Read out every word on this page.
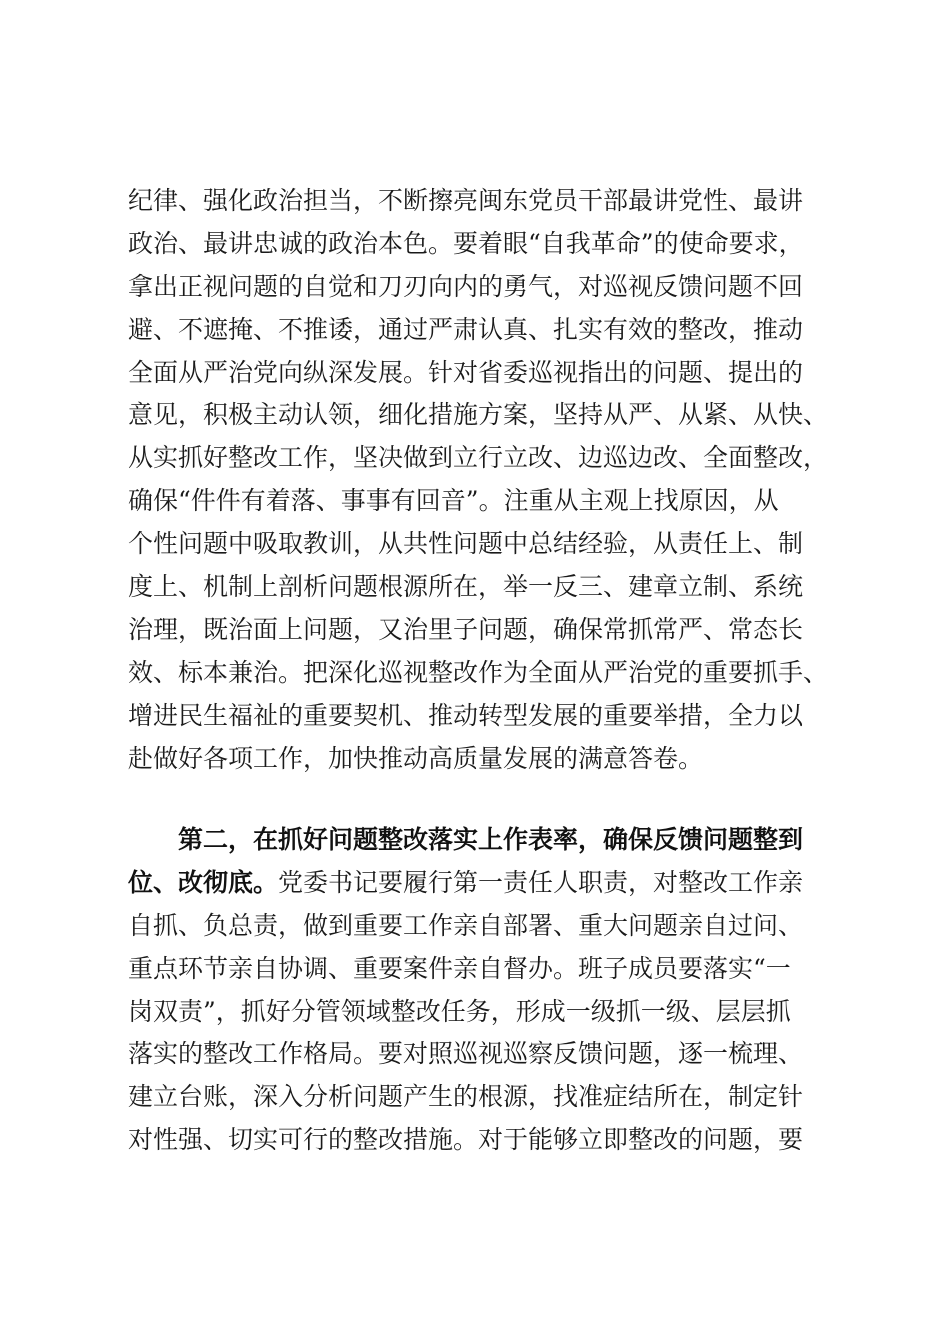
纪律、强化政治担当，不断擦亮闽东党员干部最讲党性、最讲
政治、最讲忠诚的政治本色。要着眼“自我革命”的使命要求，
拿出正视问题的自觉和刀刃向内的勇气，对巡视反馈问题不回
避、不遮掩、不推诿，通过严肃认真、扎实有效的整改，推动
全面从严治党向纵深发展。针对省委巡视指出的问题、提出的
意见，积极主动认领，细化措施方案，坚持从严、从紧、从快、
从实抓好整改工作，坚决做到立行立改、边巡边改、全面整改，
确保“件件有着落、事事有回音”。注重从主观上找原因，从
个性问题中吸取教训，从共性问题中总结经验，从责任上、制
度上、机制上剖析问题根源所在，举一反三、建章立制、系统
治理，既治面上问题，又治里子问题，确保常抓常严、常态长
效、标本兼治。把深化巡视整改作为全面从严治党的重要抓手、
增进民生福祉的重要契机、推动转型发展的重要举措，全力以
赴做好各项工作，加快推动高质量发展的满意答卷。
第二，在抓好问题整改落实上作表率，确保反馈问题整到
位、改彻底。党委书记要履行第一责任人职责，对整改工作亲
自抓、负总责，做到重要工作亲自部署、重大问题亲自过问、
重点环节亲自协调、重要案件亲自督办。班子成员要落实“一
岗双责”，抓好分管领域整改任务，形成一级抓一级、层层抓
落实的整改工作格局。要对照巡视巡察反馈问题，逐一梳理、
建立台账，深入分析问题产生的根源，找准症结所在，制定针
对性强、切实可行的整改措施。对于能够立即整改的问题，要
